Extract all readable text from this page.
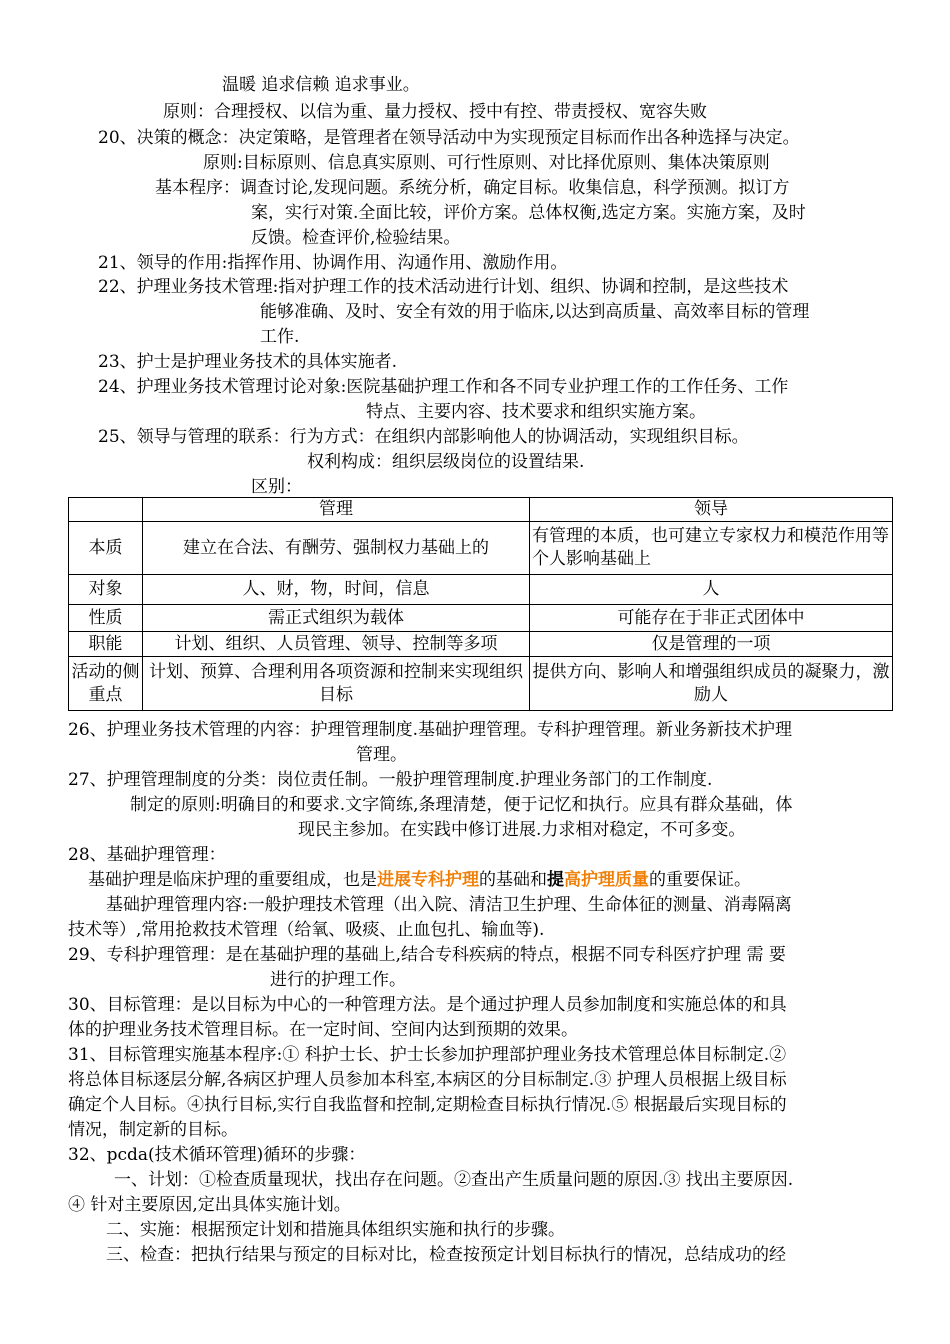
温暖 追求信赖 追求事业。
原则：合理授权、以信为重、量力授权、授中有控、带责授权、宽容失败
20、决策的概念：决定策略，是管理者在领导活动中为实现预定目标而作出各种选择与决定。
原则:目标原则、信息真实原则、可行性原则、对比择优原则、集体决策原则
基本程序：调查讨论,发现问题。系统分析，确定目标。收集信息，科学预测。拟订方
案，实行对策.全面比较，评价方案。总体权衡,选定方案。实施方案，及时
反馈。检查评价,检验结果。
21、领导的作用:指挥作用、协调作用、沟通作用、激励作用。
22、护理业务技术管理:指对护理工作的技术活动进行计划、组织、协调和控制，是这些技术
能够准确、及时、安全有效的用于临床,以达到高质量、高效率目标的管理
工作.
23、护士是护理业务技术的具体实施者.
24、护理业务技术管理讨论对象:医院基础护理工作和各不同专业护理工作的工作任务、工作
特点、主要内容、技术要求和组织实施方案。
25、领导与管理的联系：行为方式：在组织内部影响他人的协调活动，实现组织目标。
权利构成：组织层级岗位的设置结果.
区别：
	管理	领导
本质	建立在合法、有酬劳、强制权力基础上的	有管理的本质，也可建立专家权力和模范作用等个人影响基础上
对象	人、财，物，时间，信息	人
性质	需正式组织为载体	可能存在于非正式团体中
职能	计划、组织、人员管理、领导、控制等多项	仅是管理的一项
活动的侧重点	计划、预算、合理利用各项资源和控制来实现组织目标	提供方向、影响人和增强组织成员的凝聚力，激励人
26、护理业务技术管理的内容：护理管理制度.基础护理管理。专科护理管理。新业务新技术护理
管理。
27、护理管理制度的分类：岗位责任制。一般护理管理制度.护理业务部门的工作制度.
制定的原则:明确目的和要求.文字简练,条理清楚，便于记忆和执行。应具有群众基础，体
现民主参加。在实践中修订进展.力求相对稳定，不可多变。
28、基础护理管理：
基础护理是临床护理的重要组成，也是进展专科护理的基础和提高护理质量的重要保证。
基础护理管理内容:一般护理技术管理（出入院、清洁卫生护理、生命体征的测量、消毒隔离
技术等）,常用抢救技术管理（给氧、吸痰、止血包扎、输血等).
29、专科护理管理：是在基础护理的基础上,结合专科疾病的特点，根据不同专科医疗护理 需 要
进行的护理工作。
30、目标管理：是以目标为中心的一种管理方法。是个通过护理人员参加制度和实施总体的和具
体的护理业务技术管理目标。在一定时间、空间内达到预期的效果。
31、目标管理实施基本程序:① 科护士长、护士长参加护理部护理业务技术管理总体目标制定.②
将总体目标逐层分解,各病区护理人员参加本科室,本病区的分目标制定.③ 护理人员根据上级目标
确定个人目标。④执行目标,实行自我监督和控制,定期检查目标执行情况.⑤ 根据最后实现目标的
情况，制定新的目标。
32、pcda(技术循环管理)循环的步骤：
一、计划：①检查质量现状，找出存在问题。②查出产生质量问题的原因.③ 找出主要原因.
④ 针对主要原因,定出具体实施计划。
二、实施：根据预定计划和措施具体组织实施和执行的步骤。
三、检查：把执行结果与预定的目标对比，检查按预定计划目标执行的情况，总结成功的经
